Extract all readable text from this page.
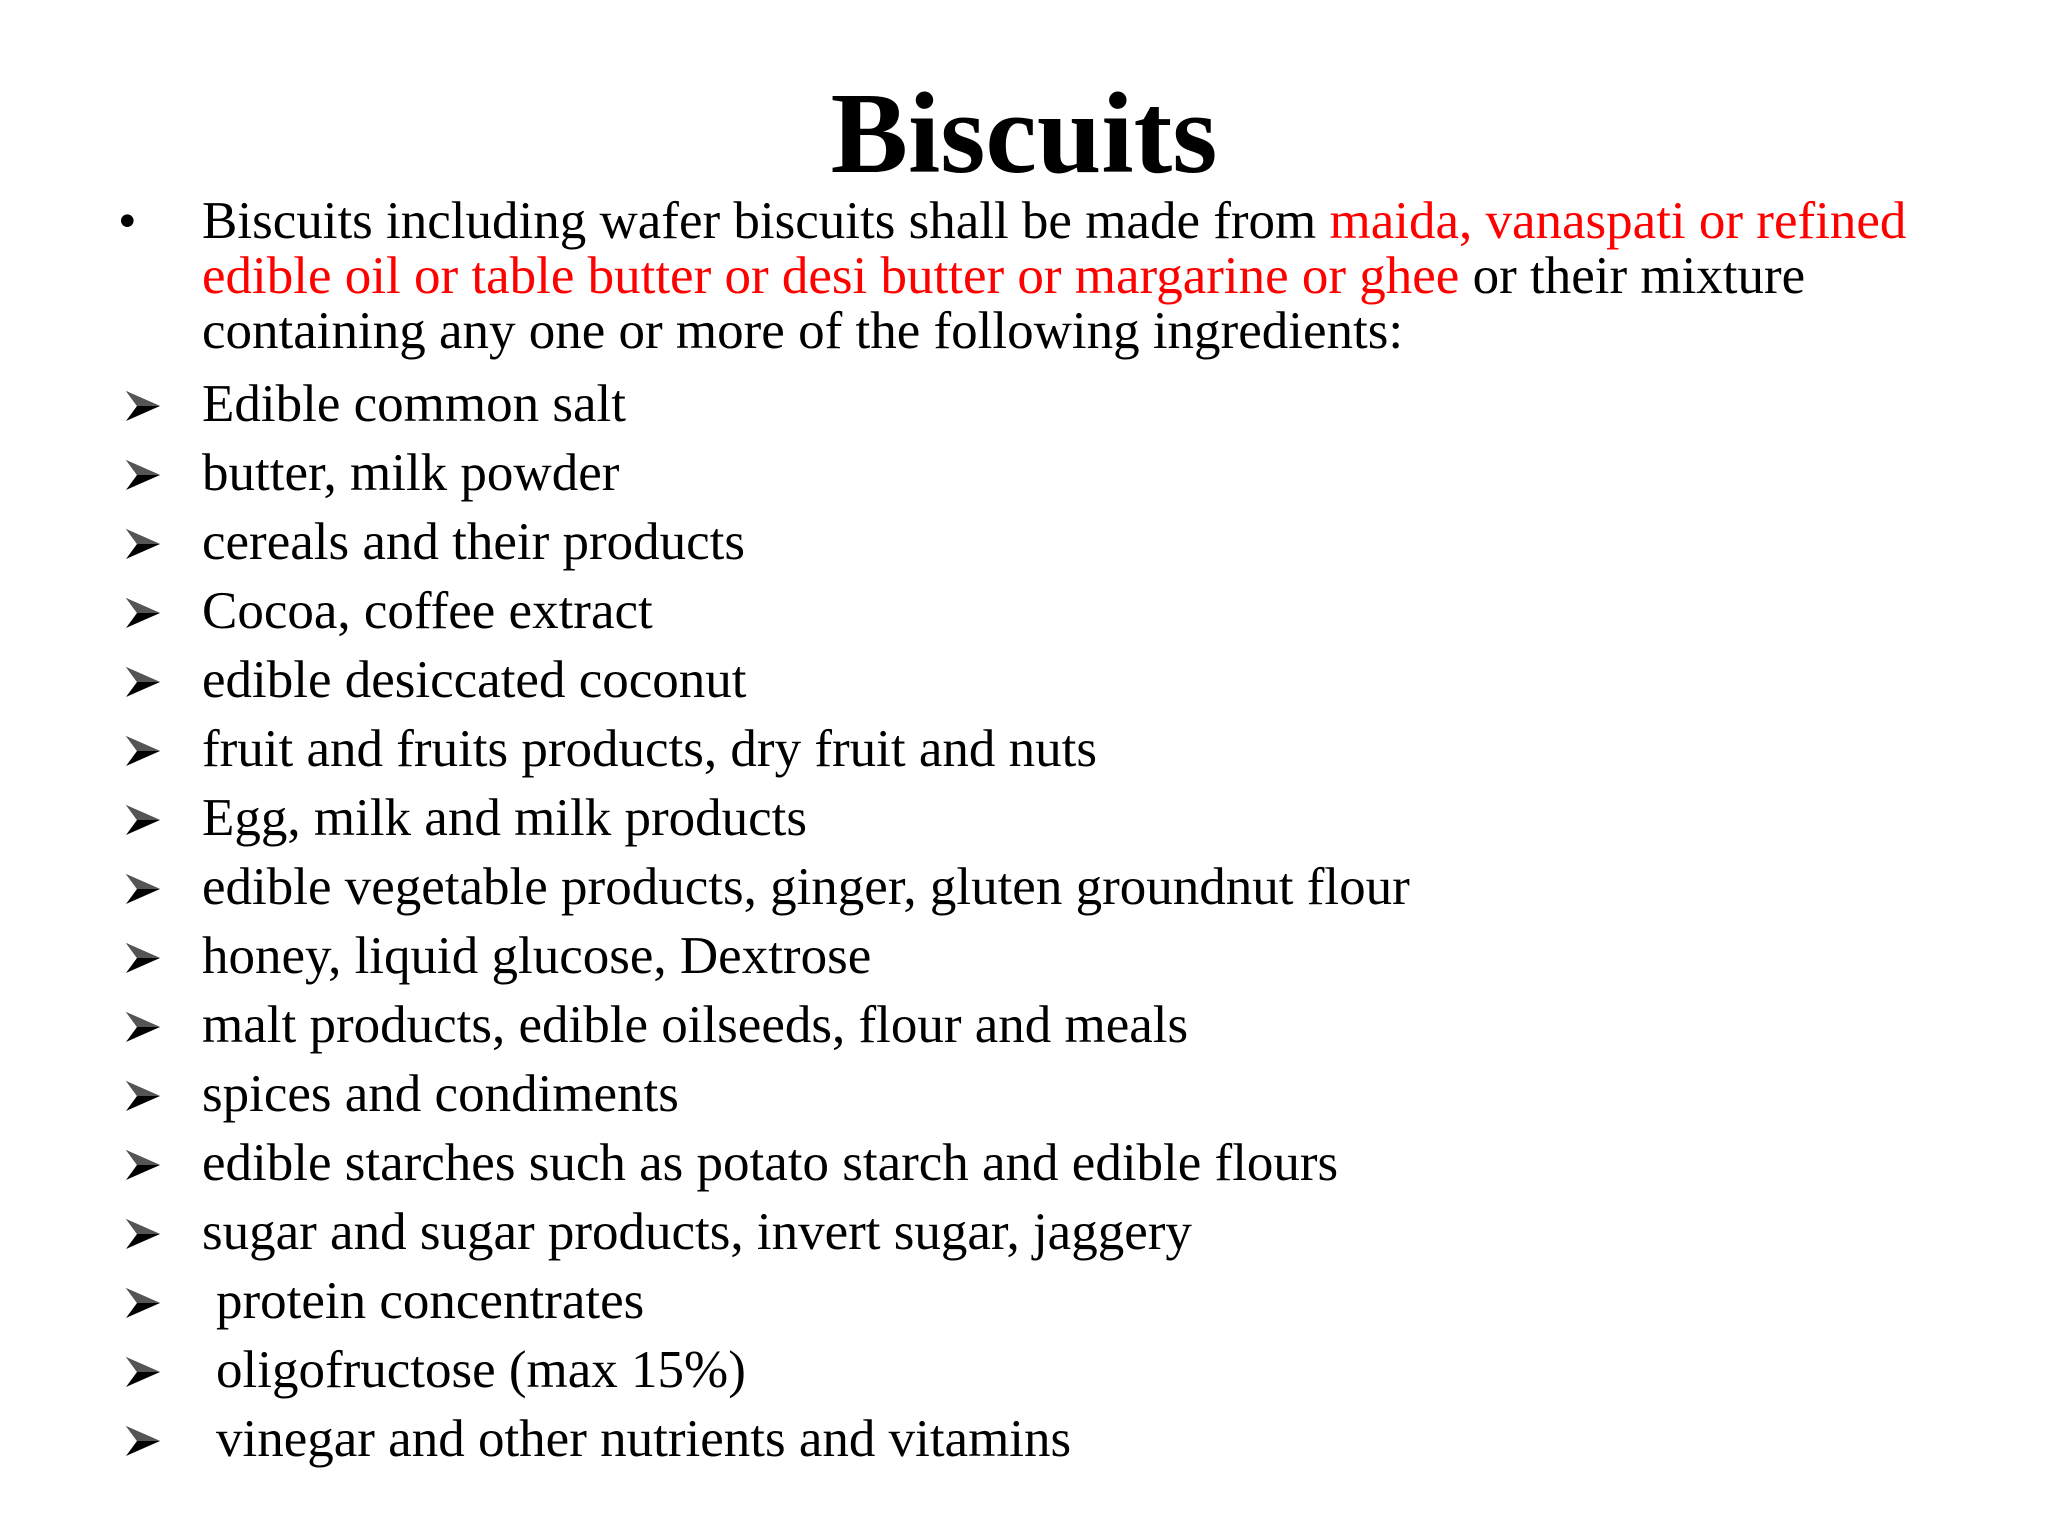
Biscuits
•	Biscuits including wafer biscuits shall be made from maida, vanaspati or refined edible oil or table butter or desi butter or margarine or ghee or their mixture containing any one or more of the following ingredients:
Edible common salt
butter, milk powder
cereals and their products
Cocoa, coffee extract
edible desiccated coconut
fruit and fruits products, dry fruit and nuts
Egg, milk and milk products
edible vegetable products, ginger, gluten groundnut flour
honey, liquid glucose, Dextrose
malt products, edible oilseeds, flour and meals
spices and condiments
edible starches such as potato starch and edible flours
sugar and sugar products, invert sugar, jaggery
protein concentrates
oligofructose (max 15%)
vinegar and other nutrients and vitamins
